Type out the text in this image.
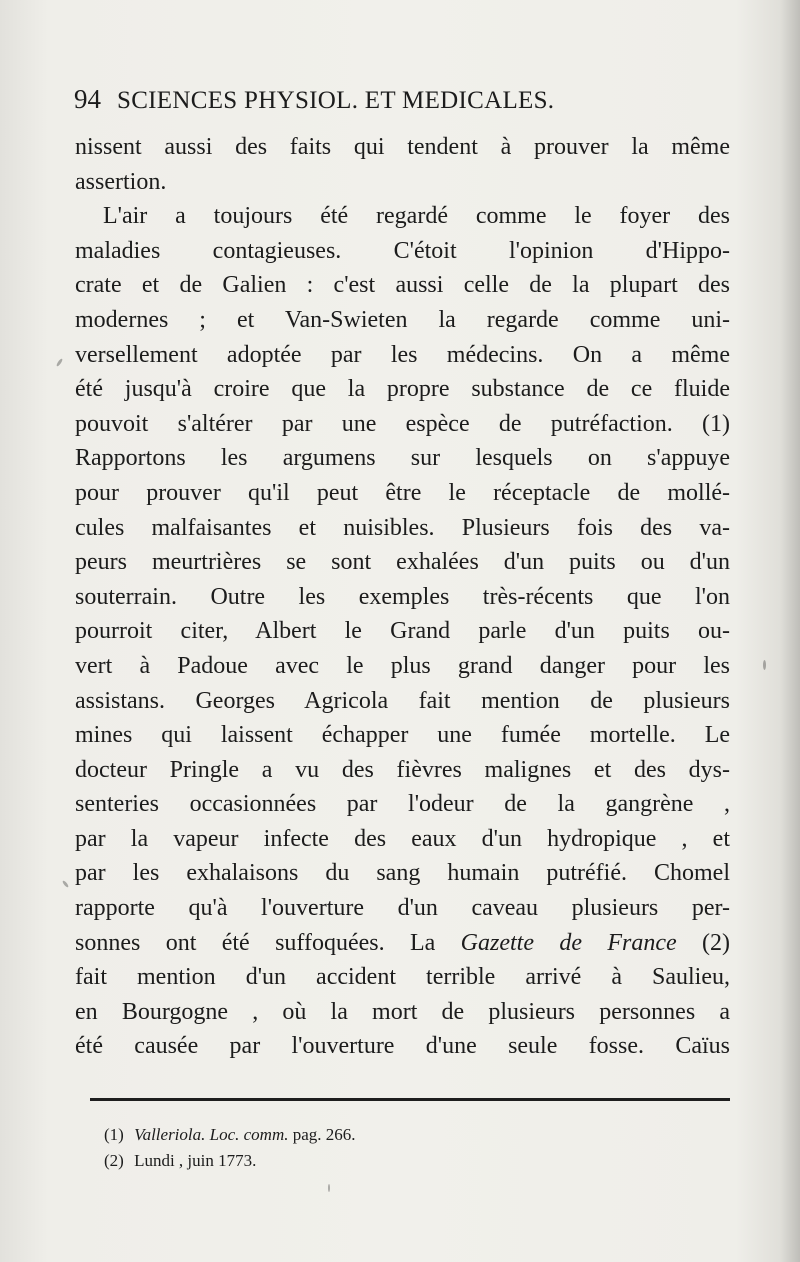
94 SCIENCES PHYSIOL. ET MEDICALES.
nissent aussi des faits qui tendent à prouver la même
assertion.
L'air a toujours été regardé comme le foyer des
maladies contagieuses. C'étoit l'opinion d'Hippo-
crate et de Galien : c'est aussi celle de la plupart des
modernes ; et Van-Swieten la regarde comme uni-
versellement adoptée par les médecins. On a même
été jusqu'à croire que la propre substance de ce fluide
pouvoit s'altérer par une espèce de putréfaction. (1)
Rapportons les argumens sur lesquels on s'appuye
pour prouver qu'il peut être le réceptacle de mollé-
cules malfaisantes et nuisibles. Plusieurs fois des va-
peurs meurtrières se sont exhalées d'un puits ou d'un
souterrain. Outre les exemples très-récents que l'on
pourroit citer, Albert le Grand parle d'un puits ou-
vert à Padoue avec le plus grand danger pour les
assistans. Georges Agricola fait mention de plusieurs
mines qui laissent échapper une fumée mortelle. Le
docteur Pringle a vu des fièvres malignes et des dys-
senteries occasionnées par l'odeur de la gangrène ,
par la vapeur infecte des eaux d'un hydropique , et
par les exhalaisons du sang humain putréfié. Chomel
rapporte qu'à l'ouverture d'un caveau plusieurs per-
sonnes ont été suffoquées. La Gazette de France (2)
fait mention d'un accident terrible arrivé à Saulieu,
en Bourgogne , où la mort de plusieurs personnes a
été causée par l'ouverture d'une seule fosse. Caïus
(1) Valleriola. Loc. comm. pag. 266.
(2) Lundi , juin 1773.
